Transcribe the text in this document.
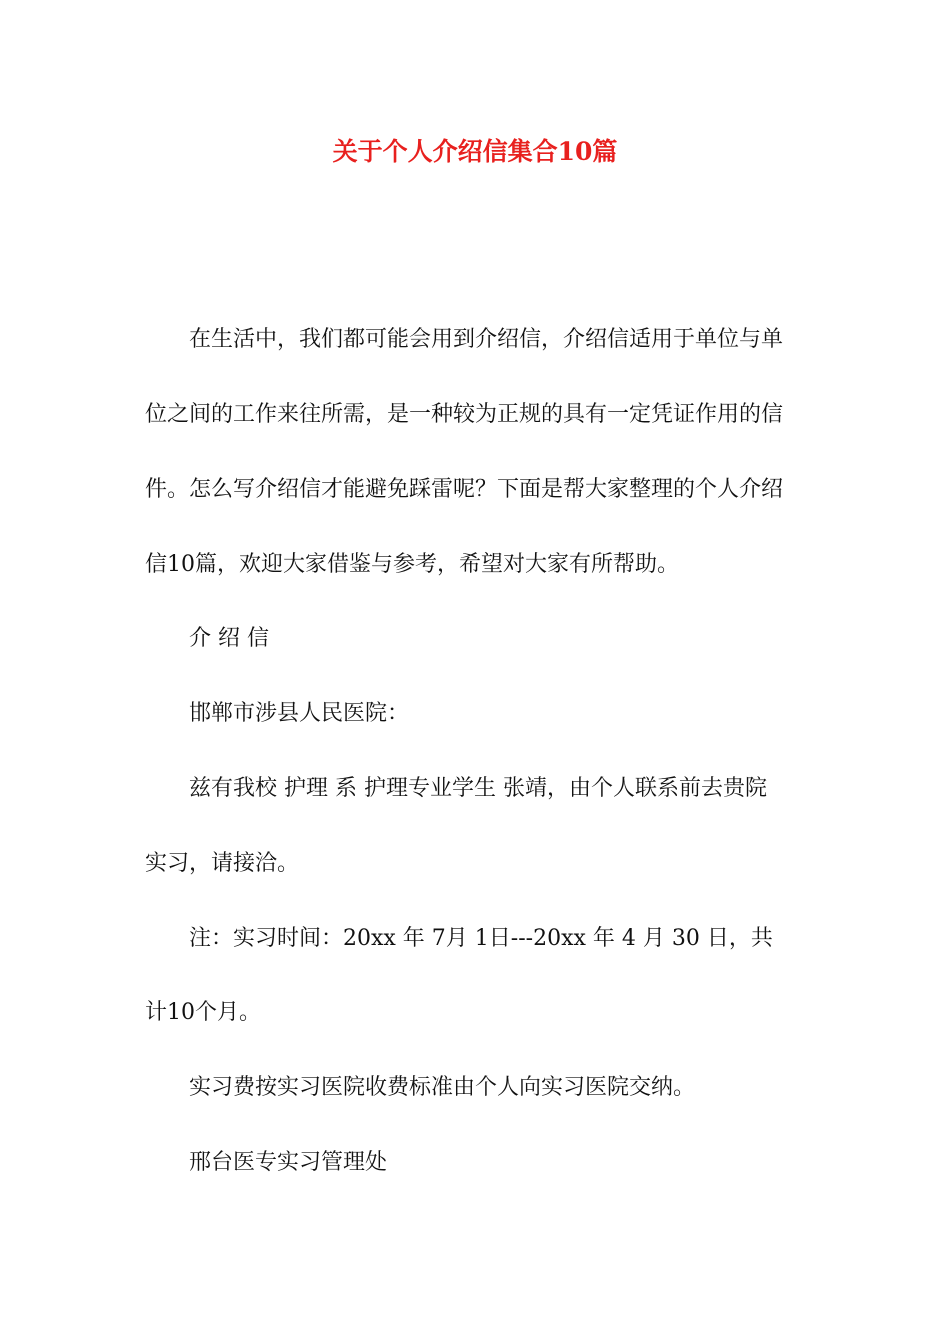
关于个人介绍信集合10篇
在生活中，我们都可能会用到介绍信，介绍信适用于单位与单
位之间的工作来往所需，是一种较为正规的具有一定凭证作用的信
件。怎么写介绍信才能避免踩雷呢？下面是帮大家整理的个人介绍
信10篇，欢迎大家借鉴与参考，希望对大家有所帮助。
介 绍 信
邯郸市涉县人民医院：
兹有我校 护理 系 护理专业学生 张靖，由个人联系前去贵院
实习，请接洽。
注：实习时间：20xx 年 7月 1日---20xx 年 4 月 30 日，共
计10个月。
实习费按实习医院收费标准由个人向实习医院交纳。
邢台医专实习管理处
